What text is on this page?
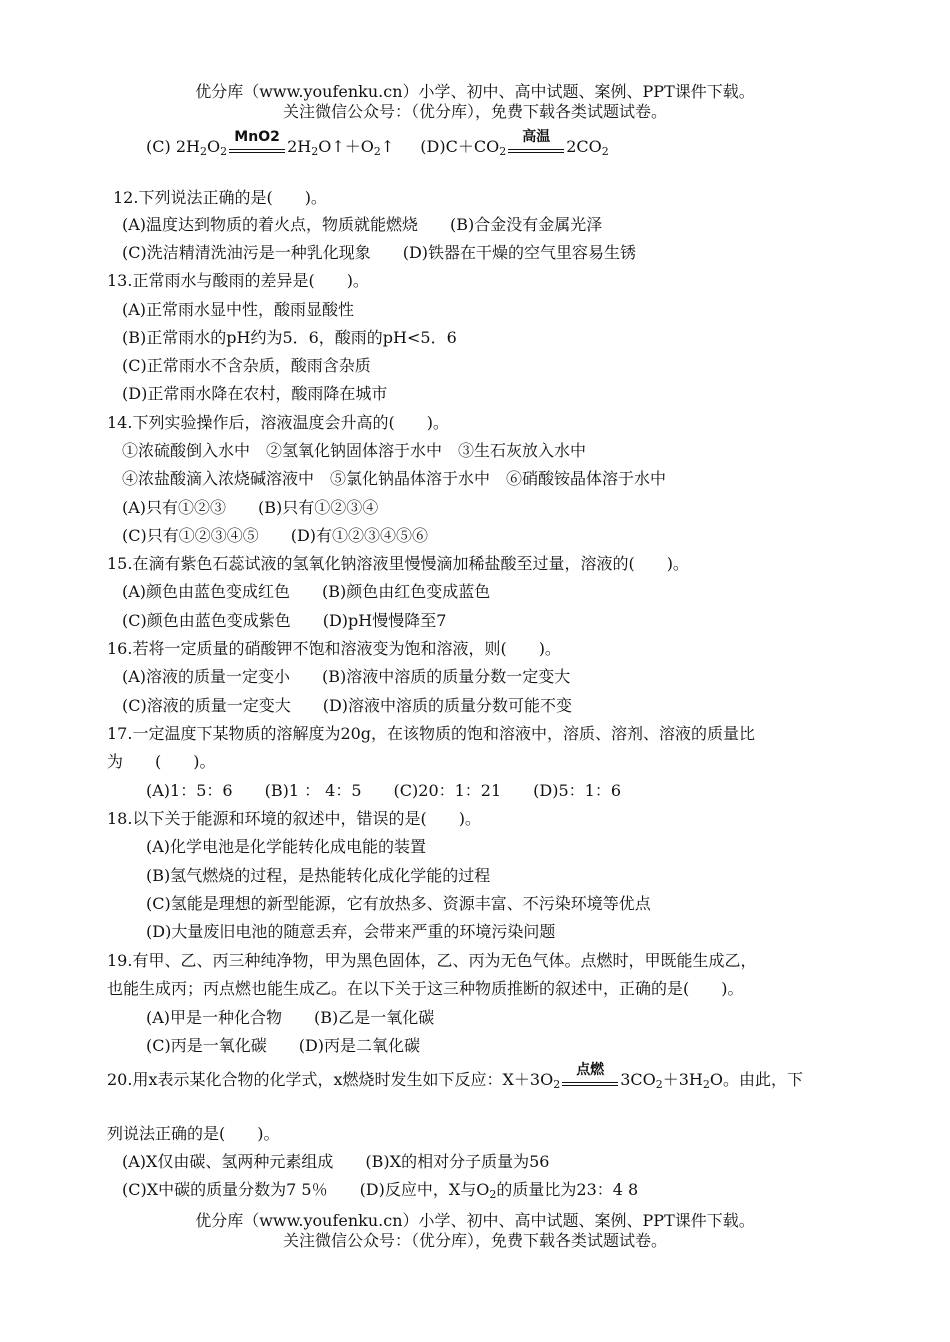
优分库（www.youfenku.cn）小学、初中、高中试题、案例、PPT课件下载。
关注微信公众号：（优分库），免费下载各类试题试卷。
(C) $2H_2O_2$
MnO2 $2H_2O↑+O_2↑$ $(D)C+CO_2$
高温	$2CO_2$
12.下列说法正确的是(　　)。
(A)温度达到物质的着火点，物质就能燃烧　　(B)合金没有金属光泽
(C)洗洁精清洗油污是一种乳化现象　　(D)铁器在干燥的空气里容易生锈
13.正常雨水与酸雨的差异是(　　)。
(A)正常雨水显中性，酸雨显酸性
(B)正常雨水的pH约为5．6，酸雨的pH<5．6
(C)正常雨水不含杂质，酸雨含杂质
(D)正常雨水降在农村，酸雨降在城市
14.下列实验操作后，溶液温度会升高的(　　)。
①浓硫酸倒入水中　②氢氧化钠固体溶于水中　③生石灰放入水中
④浓盐酸滴入浓烧碱溶液中　⑤氯化钠晶体溶于水中　⑥硝酸铵晶体溶于水中
(A)只有①②③　　(B)只有①②③④
(C)只有①②③④⑤　　(D)有①②③④⑤⑥
15.在滴有紫色石蕊试液的氢氧化钠溶液里慢慢滴加稀盐酸至过量，溶液的(　　)。
(A)颜色由蓝色变成红色　　(B)颜色由红色变成蓝色
(C)颜色由蓝色变成紫色　　(D)pH慢慢降至7
16.若将一定质量的硝酸钾不饱和溶液变为饱和溶液，则(　　)。
(A)溶液的质量一定变小　　(B)溶液中溶质的质量分数一定变大
(C)溶液的质量一定变大　　(D)溶液中溶质的质量分数可能不变
17.一定温度下某物质的溶解度为20g，在该物质的饱和溶液中，溶质、溶剂、溶液的质量比
为　　(　　)。
(A)1：5：6　　(B)1 ： 4：5　　(C)20：1：21　　(D)5：1：6
18.以下关于能源和环境的叙述中，错误的是(　　)。
(A)化学电池是化学能转化成电能的装置
(B)氢气燃烧的过程，是热能转化成化学能的过程
(C)氢能是理想的新型能源，它有放热多、资源丰富、不污染环境等优点
(D)大量废旧电池的随意丢弃，会带来严重的环境污染问题
19.有甲、乙、丙三种纯净物，甲为黑色固体，乙、丙为无色气体。点燃时，甲既能生成乙，
也能生成丙；丙点燃也能生成乙。在以下关于这三种物质推断的叙述中，正确的是(　　)。
(A)甲是一种化合物　　(B)乙是一氧化碳
(C)丙是一氧化碳　　(D)丙是二氧化碳
20.用x表示某化合物的化学式，x燃烧时发生如下反应：$X+3O_2$
点燃	$3CO_2+3H_2O$。由此，下
列说法正确的是(　　)。
(A)X仅由碳、氢两种元素组成　　(B)X的相对分子质量为56
(C)X中碳的质量分数为7 5％　　(D)反应中，X与$O_2$的质量比为23：4 8
优分库（www.youfenku.cn）小学、初中、高中试题、案例、PPT课件下载。
关注微信公众号：（优分库），免费下载各类试题试卷。
